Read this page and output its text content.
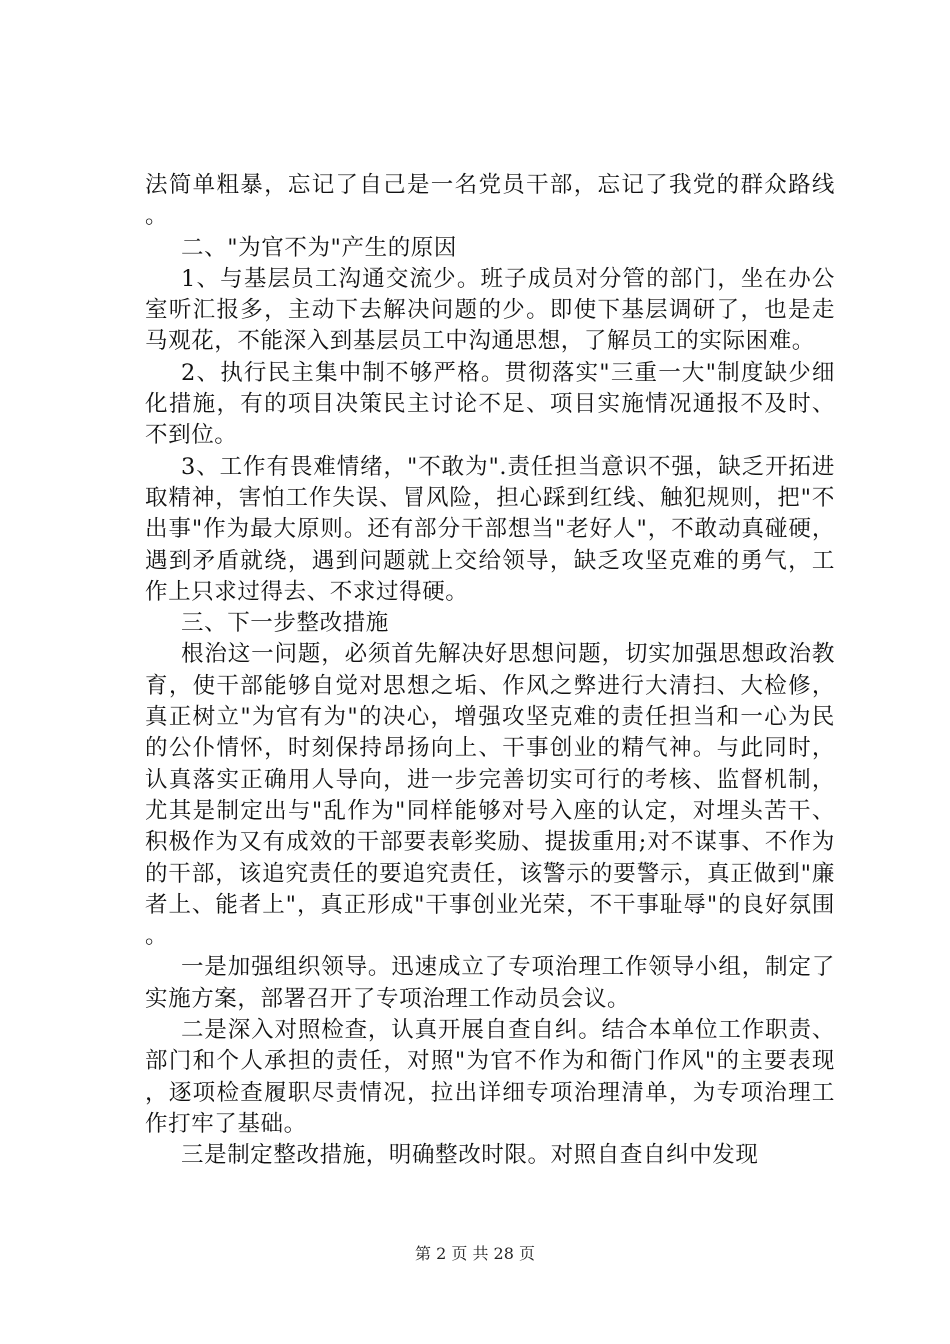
法简单粗暴，忘记了自己是一名党员干部，忘记了我党的群众路线。

二、"为官不为"产生的原因

1、与基层员工沟通交流少。班子成员对分管的部门，坐在办公室听汇报多，主动下去解决问题的少。即使下基层调研了，也是走马观花，不能深入到基层员工中沟通思想，了解员工的实际困难。

2、执行民主集中制不够严格。贯彻落实"三重一大"制度缺少细化措施，有的项目决策民主讨论不足、项目实施情况通报不及时、不到位。

3、工作有畏难情绪，"不敢为".责任担当意识不强，缺乏开拓进取精神，害怕工作失误、冒风险，担心踩到红线、触犯规则，把"不出事"作为最大原则。还有部分干部想当"老好人"，不敢动真碰硬，遇到矛盾就绕，遇到问题就上交给领导，缺乏攻坚克难的勇气，工作上只求过得去、不求过得硬。

三、下一步整改措施

根治这一问题，必须首先解决好思想问题，切实加强思想政治教育，使干部能够自觉对思想之垢、作风之弊进行大清扫、大检修，真正树立"为官有为"的决心，增强攻坚克难的责任担当和一心为民的公仆情怀，时刻保持昂扬向上、干事创业的精气神。与此同时，认真落实正确用人导向，进一步完善切实可行的考核、监督机制，尤其是制定出与"乱作为"同样能够对号入座的认定，对埋头苦干、积极作为又有成效的干部要表彰奖励、提拔重用;对不谋事、不作为的干部，该追究责任的要追究责任，该警示的要警示，真正做到"廉者上、能者上"，真正形成"干事创业光荣，不干事耻辱"的良好氛围。

一是加强组织领导。迅速成立了专项治理工作领导小组，制定了实施方案，部署召开了专项治理工作动员会议。

二是深入对照检查，认真开展自查自纠。结合本单位工作职责、部门和个人承担的责任，对照"为官不作为和衙门作风"的主要表现，逐项检查履职尽责情况，拉出详细专项治理清单，为专项治理工作打牢了基础。

三是制定整改措施，明确整改时限。对照自查自纠中发现

第 2 页 共 28 页
